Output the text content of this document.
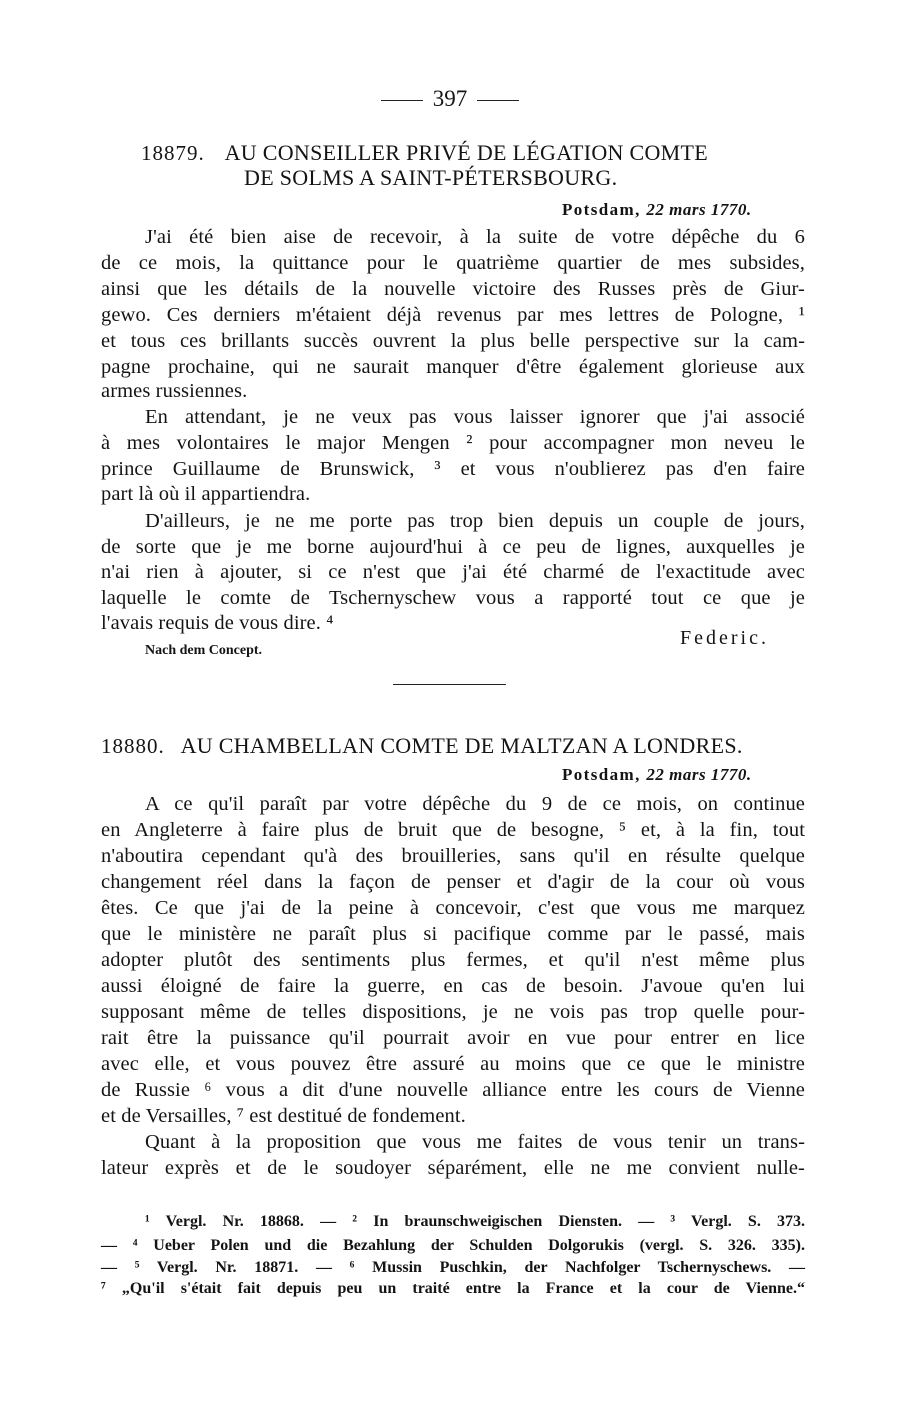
397
18879. AU CONSEILLER PRIVÉ DE LÉGATION COMTE
DE SOLMS A SAINT-PÉTERSBOURG.
Potsdam, 22 mars 1770.
J'ai été bien aise de recevoir, à la suite de votre dépêche du 6
de ce mois, la quittance pour le quatrième quartier de mes subsides,
ainsi que les détails de la nouvelle victoire des Russes près de Giur-
gewo. Ces derniers m'étaient déjà revenus par mes lettres de Pologne, ¹
et tous ces brillants succès ouvrent la plus belle perspective sur la cam-
pagne prochaine, qui ne saurait manquer d'être également glorieuse aux
armes russiennes.
En attendant, je ne veux pas vous laisser ignorer que j'ai associé
à mes volontaires le major Mengen ² pour accompagner mon neveu le
prince Guillaume de Brunswick, ³ et vous n'oublierez pas d'en faire
part là où il appartiendra.
D'ailleurs, je ne me porte pas trop bien depuis un couple de jours,
de sorte que je me borne aujourd'hui à ce peu de lignes, auxquelles je
n'ai rien à ajouter, si ce n'est que j'ai été charmé de l'exactitude avec
laquelle le comte de Tschernyschew vous a rapporté tout ce que je
l'avais requis de vous dire. ⁴
Federic.
Nach dem Concept.
18880. AU CHAMBELLAN COMTE DE MALTZAN A LONDRES.
Potsdam, 22 mars 1770.
A ce qu'il paraît par votre dépêche du 9 de ce mois, on continue
en Angleterre à faire plus de bruit que de besogne, ⁵ et, à la fin, tout
n'aboutira cependant qu'à des brouilleries, sans qu'il en résulte quelque
changement réel dans la façon de penser et d'agir de la cour où vous
êtes. Ce que j'ai de la peine à concevoir, c'est que vous me marquez
que le ministère ne paraît plus si pacifique comme par le passé, mais
adopter plutôt des sentiments plus fermes, et qu'il n'est même plus
aussi éloigné de faire la guerre, en cas de besoin. J'avoue qu'en lui
supposant même de telles dispositions, je ne vois pas trop quelle pour-
rait être la puissance qu'il pourrait avoir en vue pour entrer en lice
avec elle, et vous pouvez être assuré au moins que ce que le ministre
de Russie ⁶ vous a dit d'une nouvelle alliance entre les cours de Vienne
et de Versailles, ⁷ est destitué de fondement.
Quant à la proposition que vous me faites de vous tenir un trans-
lateur exprès et de le soudoyer séparément, elle ne me convient nulle-
¹ Vergl. Nr. 18868. — ² In braunschweigischen Diensten. — ³ Vergl. S. 373.
— ⁴ Ueber Polen und die Bezahlung der Schulden Dolgorukis (vergl. S. 326. 335).
— ⁵ Vergl. Nr. 18871. — ⁶ Mussin Puschkin, der Nachfolger Tschernyschews. —
⁷ „Qu'il s'était fait depuis peu un traité entre la France et la cour de Vienne.“
